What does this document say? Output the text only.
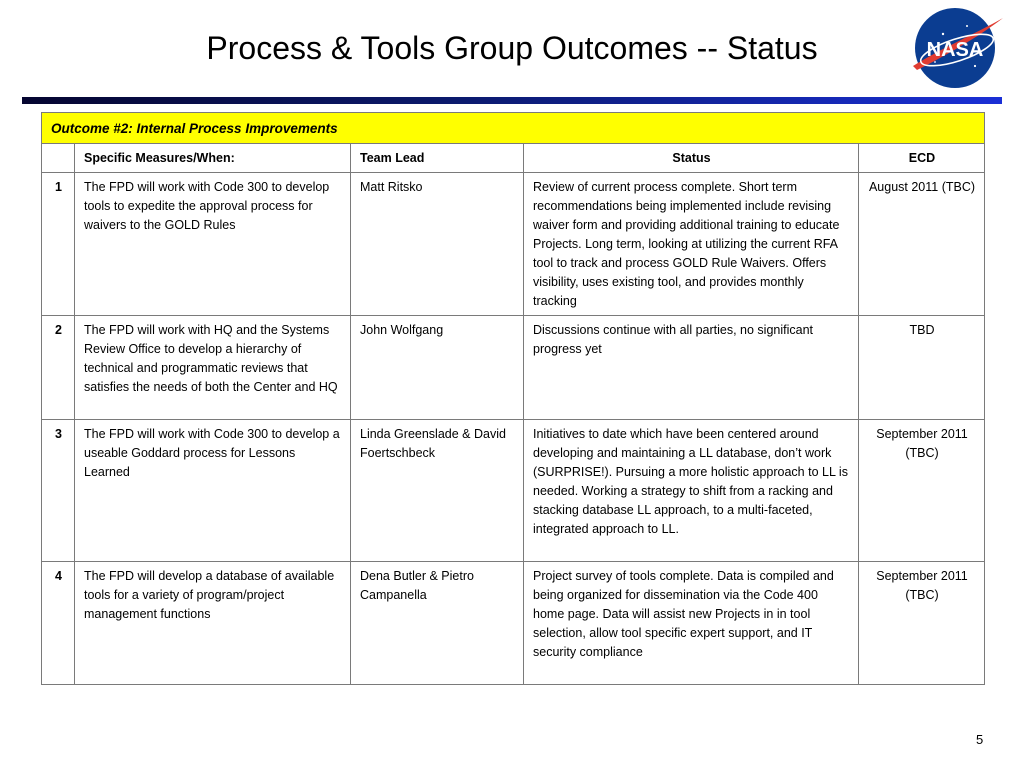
Process & Tools Group Outcomes -- Status	NASA
Outcome #2: Internal Process Improvements				
	Specific Measures/When:	Team Lead	Status	ECD
1	The FPD will work with Code 300 to develop tools to expedite the approval process for waivers to the GOLD Rules	Matt Ritsko	Review of current process complete. Short term recommendations being implemented include revising waiver form and providing additional training to educate Projects. Long term, looking at utilizing the current RFA tool to track and process GOLD Rule Waivers. Offers visibility, uses existing tool, and provides monthly tracking	August 2011 (TBC)
2	The FPD will work with HQ and the Systems Review Office to develop a hierarchy of technical and programmatic reviews that satisfies the needs of both the Center and HQ	John Wolfgang	Discussions continue with all parties, no significant progress yet	TBD
3	The FPD will work with Code 300 to develop a useable Goddard process for Lessons Learned	Linda Greenslade & David Foertschbeck	Initiatives to date which have been centered around developing and maintaining a LL database, don’t work (SURPRISE!). Pursuing a more holistic approach to LL is needed. Working a strategy to shift from a racking and stacking database LL approach, to a multi-faceted, integrated approach to LL.	September 2011 (TBC)
4	The FPD will develop a database of available tools for a variety of program/project management functions	Dena Butler & Pietro Campanella	Project survey of tools complete. Data is compiled and being organized for dissemination via the Code 400 home page. Data will assist new Projects in in tool selection, allow tool specific expert support, and IT security compliance	September 2011 (TBC)
5
